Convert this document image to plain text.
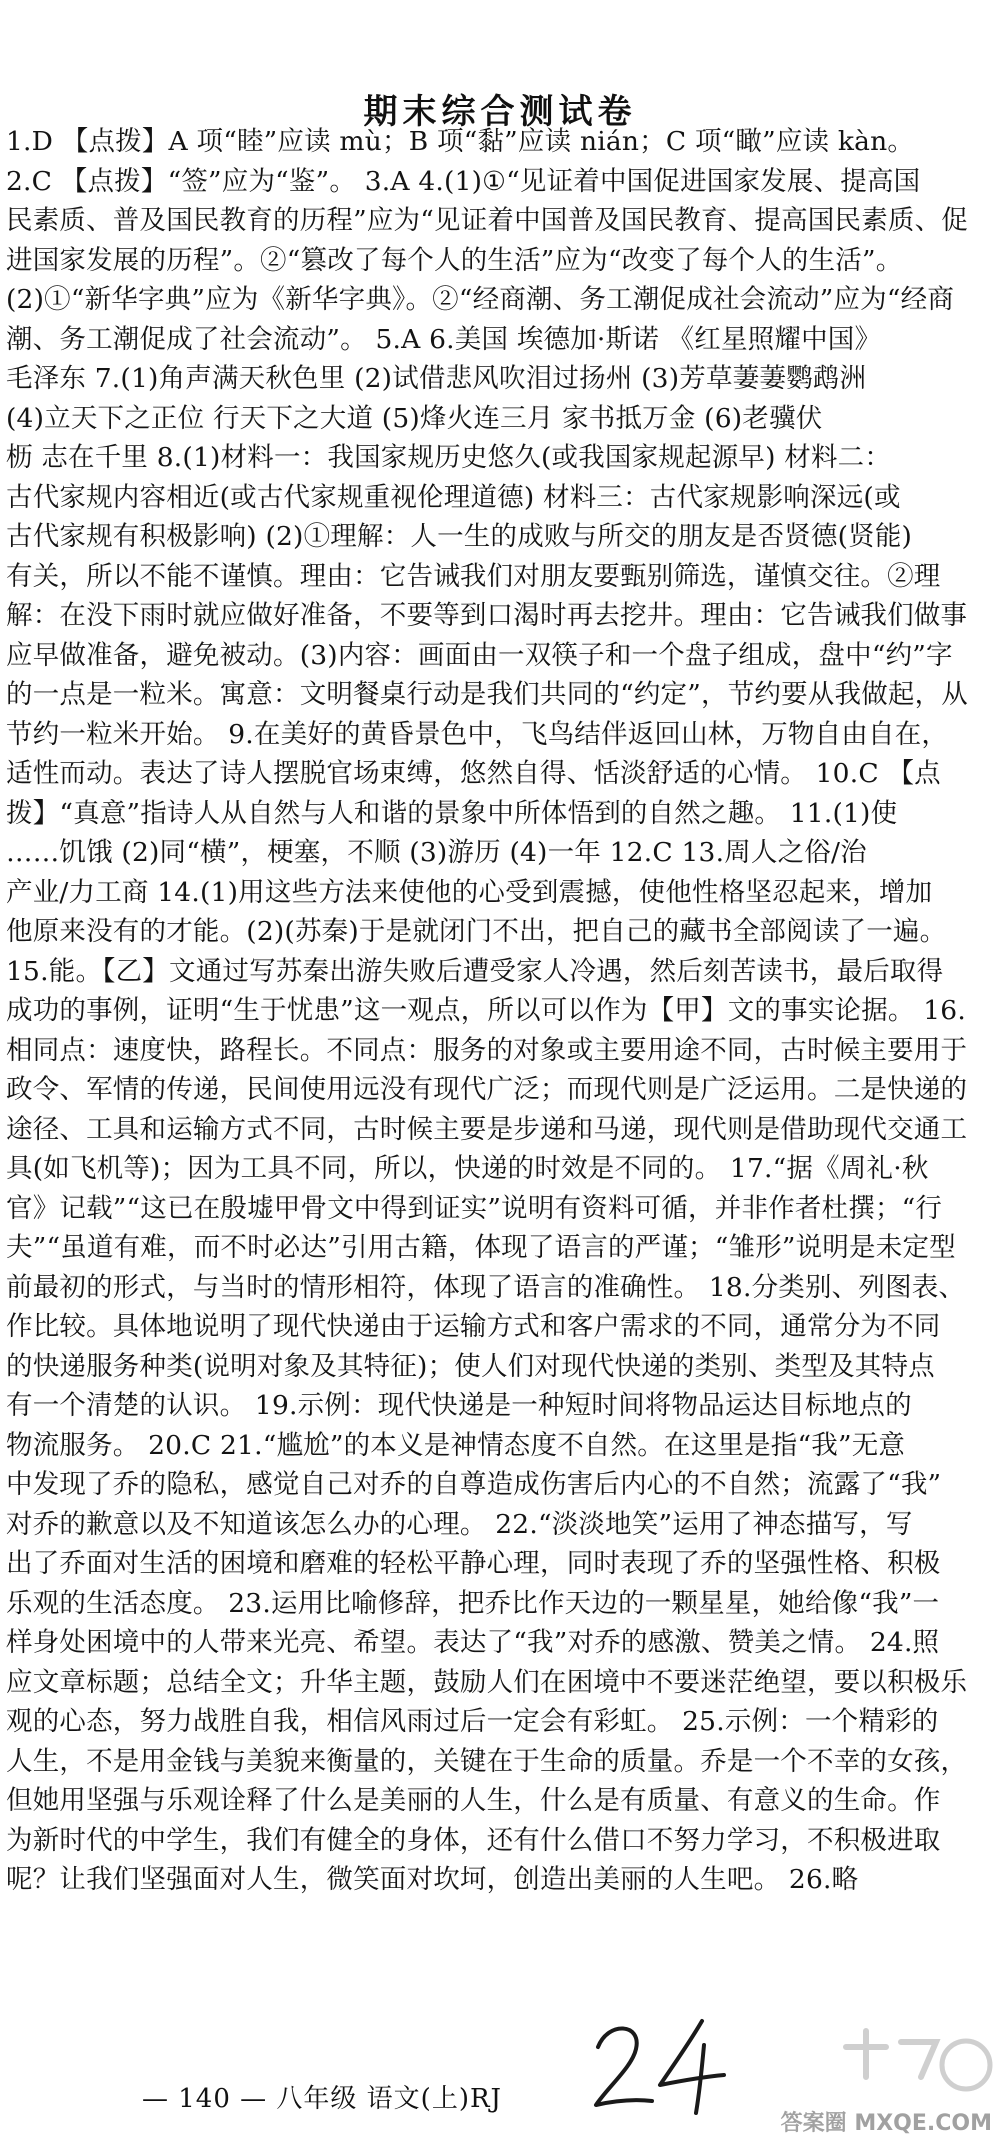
期末综合测试卷
1.D 【点拨】A 项“睦”应读 mù；B 项“黏”应读 nián；C 项“瞰”应读 kàn。
2.C 【点拨】“签”应为“鉴”。 3.A 4.(1)①“见证着中国促进国家发展、提高国
民素质、普及国民教育的历程”应为“见证着中国普及国民教育、提高国民素质、促
进国家发展的历程”。②“篡改了每个人的生活”应为“改变了每个人的生活”。
(2)①“新华字典”应为《新华字典》。②“经商潮、务工潮促成社会流动”应为“经商
潮、务工潮促成了社会流动”。 5.A 6.美国 埃德加·斯诺 《红星照耀中国》
毛泽东 7.(1)角声满天秋色里 (2)试借悲风吹泪过扬州 (3)芳草萋萋鹦鹉洲
(4)立天下之正位 行天下之大道 (5)烽火连三月 家书抵万金 (6)老骥伏
枥 志在千里 8.(1)材料一：我国家规历史悠久(或我国家规起源早) 材料二：
古代家规内容相近(或古代家规重视伦理道德) 材料三：古代家规影响深远(或
古代家规有积极影响) (2)①理解：人一生的成败与所交的朋友是否贤德(贤能)
有关，所以不能不谨慎。理由：它告诫我们对朋友要甄别筛选，谨慎交往。②理
解：在没下雨时就应做好准备，不要等到口渴时再去挖井。理由：它告诫我们做事
应早做准备，避免被动。(3)内容：画面由一双筷子和一个盘子组成，盘中“约”字
的一点是一粒米。寓意：文明餐桌行动是我们共同的“约定”，节约要从我做起，从
节约一粒米开始。 9.在美好的黄昏景色中，飞鸟结伴返回山林，万物自由自在，
适性而动。表达了诗人摆脱官场束缚，悠然自得、恬淡舒适的心情。 10.C 【点
拨】“真意”指诗人从自然与人和谐的景象中所体悟到的自然之趣。 11.(1)使
……饥饿 (2)同“横”，梗塞，不顺 (3)游历 (4)一年 12.C 13.周人之俗/治
产业/力工商 14.(1)用这些方法来使他的心受到震撼，使他性格坚忍起来，增加
他原来没有的才能。(2)(苏秦)于是就闭门不出，把自己的藏书全部阅读了一遍。
15.能。【乙】文通过写苏秦出游失败后遭受家人冷遇，然后刻苦读书，最后取得
成功的事例，证明“生于忧患”这一观点，所以可以作为【甲】文的事实论据。 16.
相同点：速度快，路程长。不同点：服务的对象或主要用途不同，古时候主要用于
政令、军情的传递，民间使用远没有现代广泛；而现代则是广泛运用。二是快递的
途径、工具和运输方式不同，古时候主要是步递和马递，现代则是借助现代交通工
具(如飞机等)；因为工具不同，所以，快递的时效是不同的。 17.“据《周礼·秋
官》记载”“这已在殷墟甲骨文中得到证实”说明有资料可循，并非作者杜撰；“行
夫”“虽道有难，而不时必达”引用古籍，体现了语言的严谨；“雏形”说明是未定型
前最初的形式，与当时的情形相符，体现了语言的准确性。 18.分类别、列图表、
作比较。具体地说明了现代快递由于运输方式和客户需求的不同，通常分为不同
的快递服务种类(说明对象及其特征)；使人们对现代快递的类别、类型及其特点
有一个清楚的认识。 19.示例：现代快递是一种短时间将物品运达目标地点的
物流服务。 20.C 21.“尴尬”的本义是神情态度不自然。在这里是指“我”无意
中发现了乔的隐私，感觉自己对乔的自尊造成伤害后内心的不自然；流露了“我”
对乔的歉意以及不知道该怎么办的心理。 22.“淡淡地笑”运用了神态描写，写
出了乔面对生活的困境和磨难的轻松平静心理，同时表现了乔的坚强性格、积极
乐观的生活态度。 23.运用比喻修辞，把乔比作天边的一颗星星，她给像“我”一
样身处困境中的人带来光亮、希望。表达了“我”对乔的感激、赞美之情。 24.照
应文章标题；总结全文；升华主题，鼓励人们在困境中不要迷茫绝望，要以积极乐
观的心态，努力战胜自我，相信风雨过后一定会有彩虹。 25.示例：一个精彩的
人生，不是用金钱与美貌来衡量的，关键在于生命的质量。乔是一个不幸的女孩，
但她用坚强与乐观诠释了什么是美丽的人生，什么是有质量、有意义的生命。作
为新时代的中学生，我们有健全的身体，还有什么借口不努力学习，不积极进取
呢？让我们坚强面对人生，微笑面对坎坷，创造出美丽的人生吧。 26.略
— 140 — 八年级 语文(上)RJ
答案圈 MXQE.COM
